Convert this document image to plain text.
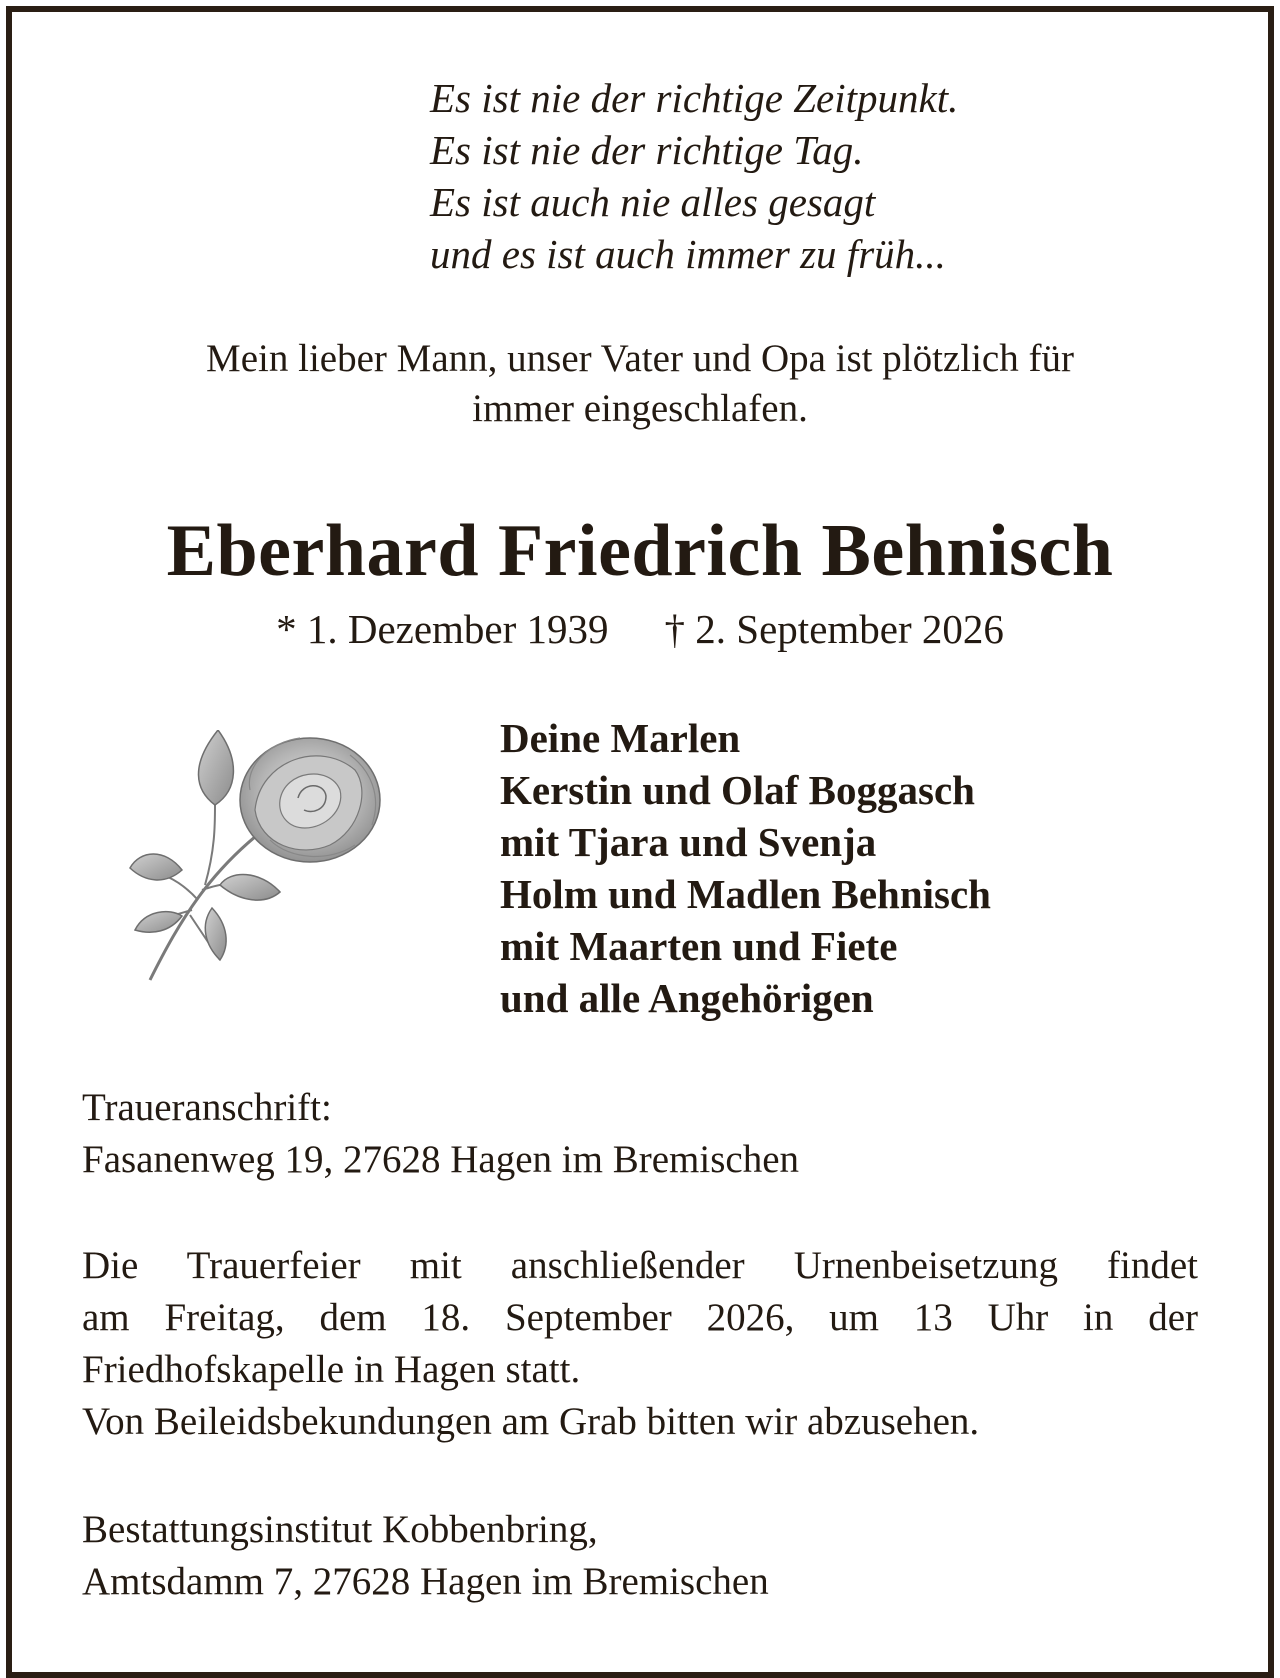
Es ist nie der richtige Zeitpunkt.
Es ist nie der richtige Tag.
Es ist auch nie alles gesagt
und es ist auch immer zu früh...
Mein lieber Mann, unser Vater und Opa ist plötzlich für
immer eingeschlafen.
Eberhard Friedrich Behnisch
* 1. Dezember 1939 † 2. September 2026
Deine Marlen
Kerstin und Olaf Boggasch
mit Tjara und Svenja
Holm und Madlen Behnisch
mit Maarten und Fiete
und alle Angehörigen
Traueranschrift:
Fasanenweg 19, 27628 Hagen im Bremischen
Die Trauerfeier mit anschließender Urnenbeisetzung findet
am Freitag, dem 18. September 2026, um 13 Uhr in der
Friedhofskapelle in Hagen statt.
Von Beileidsbekundungen am Grab bitten wir abzusehen.
Bestattungsinstitut Kobbenbring,
Amtsdamm 7, 27628 Hagen im Bremischen
